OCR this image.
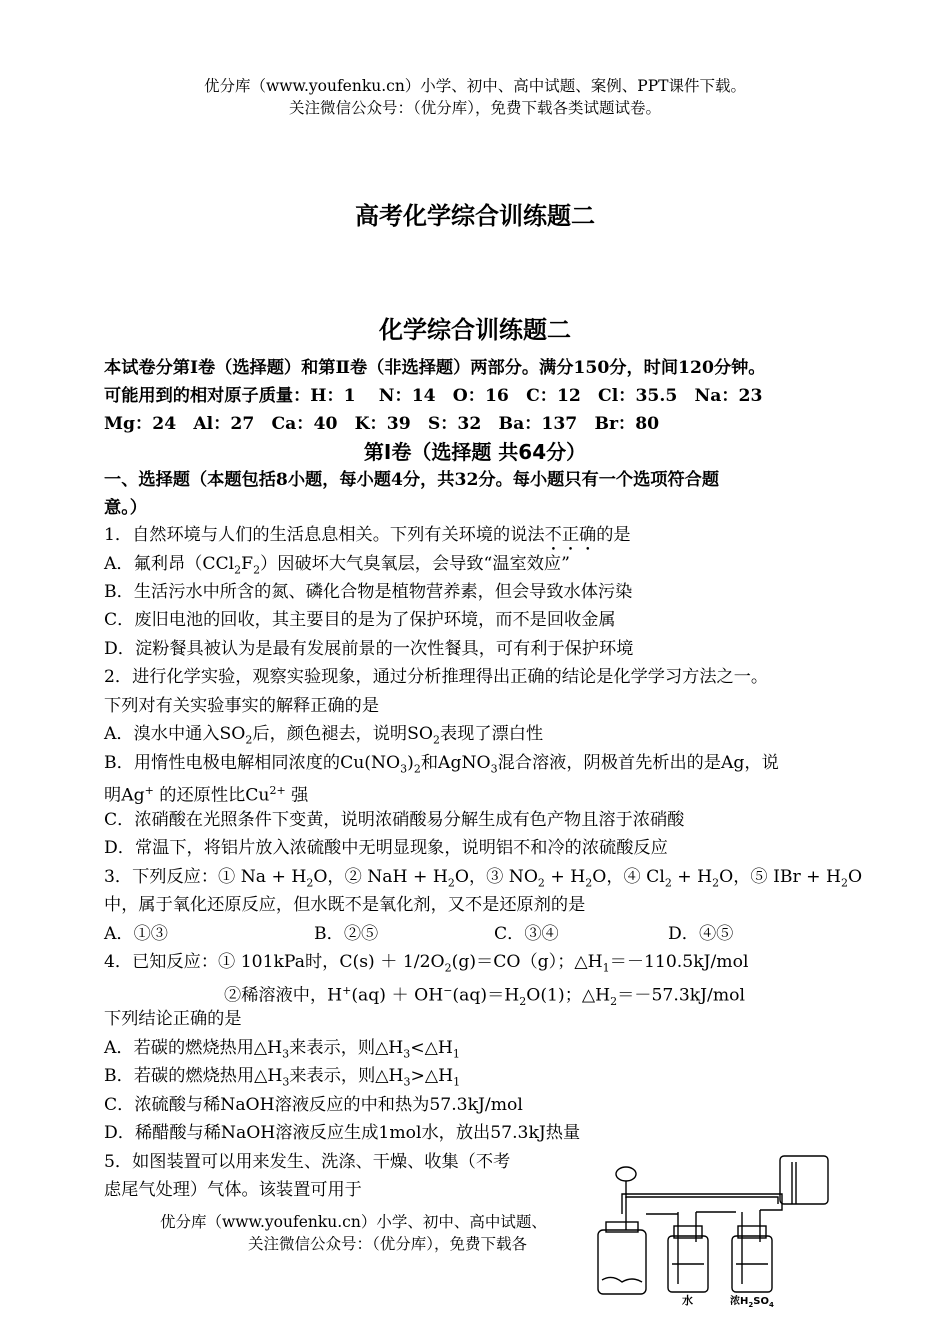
优分库（www.youfenku.cn）小学、初中、高中试题、案例、PPT课件下载。
关注微信公众号：（优分库），免费下载各类试题试卷。
高考化学综合训练题二
化学综合训练题二
本试卷分第Ⅰ卷（选择题）和第Ⅱ卷（非选择题）两部分。满分150分，时间120分钟。
可能用到的相对原子质量：H：1　 N：14　O：16　C：12　Cl：35.5　Na：23
Mg：24　Al：27　Ca：40　K：39　S：32　Ba：137　Br：80
第Ⅰ卷（选择题 共64分）
一、选择题（本题包括8小题，每小题4分，共32分。每小题只有一个选项符合题
意。）
1．自然环境与人们的生活息息相关。下列有关环境的说法不正确的是
A．氟利昂$(CCl_2F_2)$因破坏大气臭氧层，会导致“温室效应”
B．生活污水中所含的氮、磷化合物是植物营养素，但会导致水体污染
C．废旧电池的回收，其主要目的是为了保护环境，而不是回收金属
D．淀粉餐具被认为是最有发展前景的一次性餐具，可有利于保护环境
2．进行化学实验，观察实验现象，通过分析推理得出正确的结论是化学学习方法之一。
下列对有关实验事实的解释正确的是
A．溴水中通入$SO_2$后，颜色褪去，说明$SO_2$表现了漂白性
B．用惰性电极电解相同浓度的$Cu(NO_3)_2$和AgNO$_3$混合溶液，阴极首先析出的是Ag，说
明Ag+ 的还原性比$Cu^{2+}$ 强
C．浓硝酸在光照条件下变黄，说明浓硝酸易分解生成有色产物且溶于浓硝酸
D．常温下，将铝片放入浓硫酸中无明显现象，说明铝不和冷的浓硫酸反应
3．下列反应：① $Na + H_2O$，② NaH + $H_2O$，③ $NO_2 + H_2O$，④ $Cl_2 + H_2O$，⑤ IBr + $H_2O$
中，属于氧化还原反应，但水既不是氧化剂，又不是还原剂的是
A．①③	B．②⑤	C．③④	D．④⑤
4．已知反应：① 101kPa时，$C(s) + 1/2O_2(g)=CO(g)$；$\triangle H_1=-110.5kJ$/mol
②稀溶液中，$H^+(aq) + OH^-(aq)=H_2O(1)$；$\triangle H_2=-57.3kJ$/mol
下列结论正确的是
A．若碳的燃烧热用$\triangle H_3$来表示，则$\triangle H_3<\triangle H_1$
B．若碳的燃烧热用$\triangle H_3$来表示，则$\triangle H_3>\triangle H_1$
C．浓硫酸与稀NaOH溶液反应的中和热为57.3kJ/mol
D．稀醋酸与稀NaOH溶液反应生成1mol水，放出57.3kJ热量
5．如图装置可以用来发生、洗涤、干燥、收集（不考
虑尾气处理）气体。该装置可用于
优分库（www.youfenku.cn）小学、初中、高中试题、
关注微信公众号：（优分库），免费下载各
水	浓$H_2SO_4$
